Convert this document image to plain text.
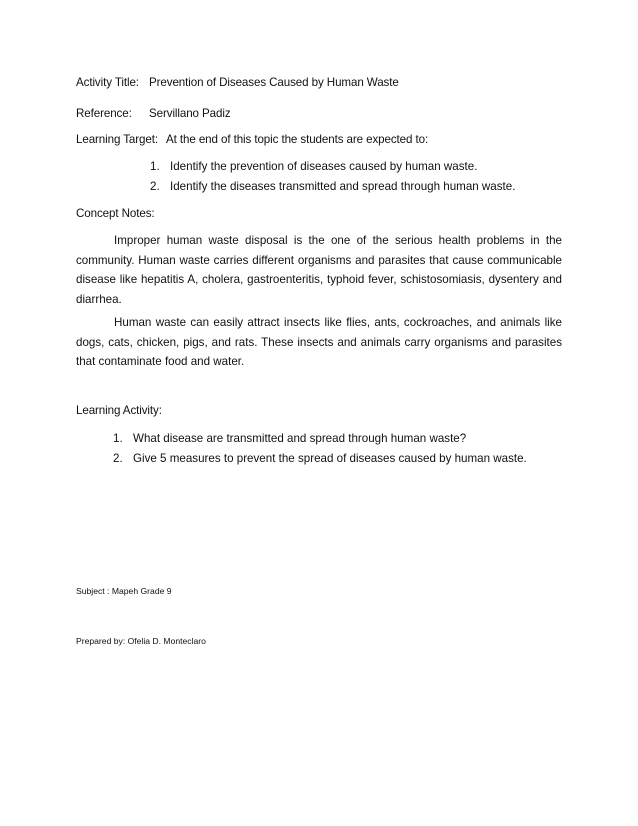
Activity Title: Prevention of Diseases Caused by Human Waste
Reference: Servillano Padiz
Learning Target: At the end of this topic the students are expected to:
1. Identify the prevention of diseases caused by human waste.
2. Identify the diseases transmitted and spread through human waste.
Concept Notes:

Improper human waste disposal is the one of the serious health problems in the community. Human waste carries different organisms and parasites that cause communicable disease like hepatitis A, cholera, gastroenteritis, typhoid fever, schistosomiasis, dysentery and diarrhea.

Human waste can easily attract insects like flies, ants, cockroaches, and animals like dogs, cats, chicken, pigs, and rats. These insects and animals carry organisms and parasites that contaminate food and water.

Learning Activity:
1. What disease are transmitted and spread through human waste?
2. Give 5 measures to prevent the spread of diseases caused by human waste.
Subject : Mapeh Grade 9
Prepared by: Ofelia D. Monteclaro
